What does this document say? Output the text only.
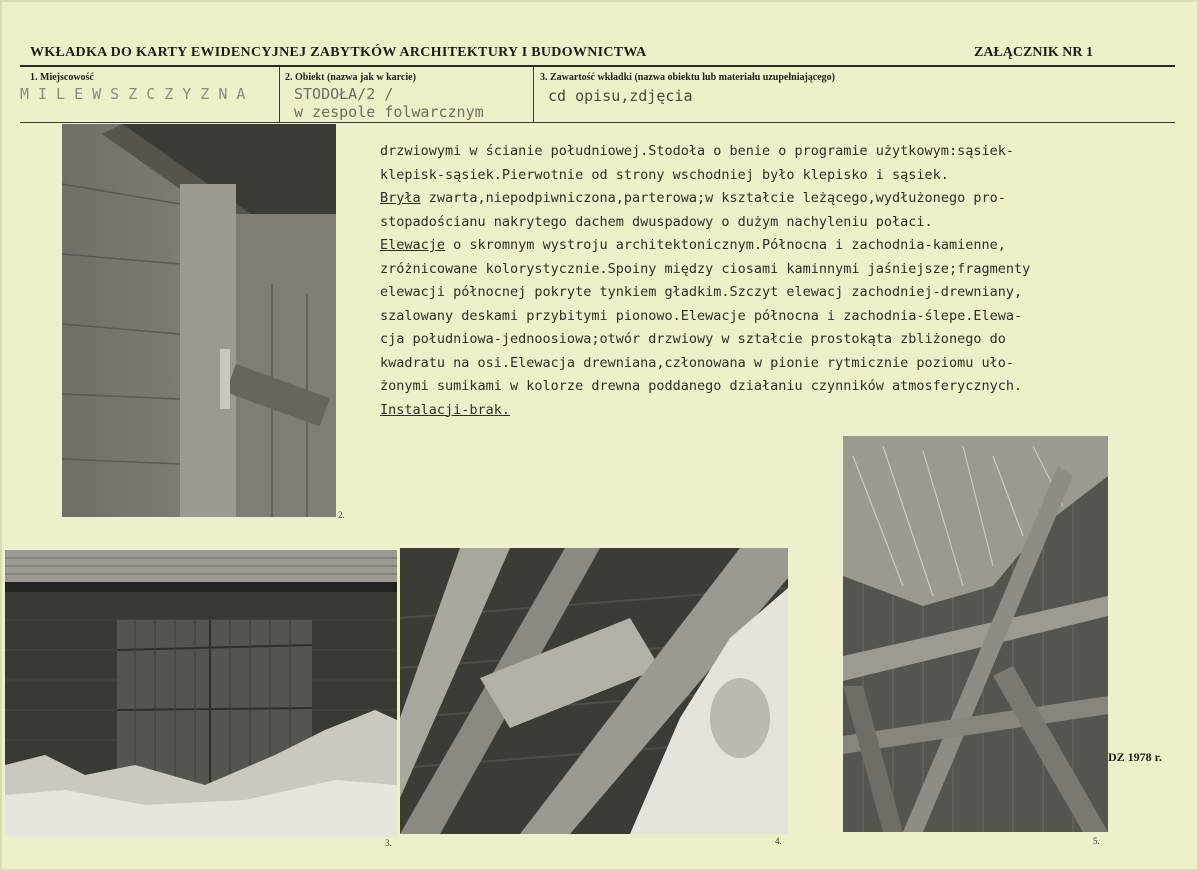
WKŁADKA DO KARTY EWIDENCYJNEJ ZABYTKÓW ARCHITEKTURY I BUDOWNICTWA	ZAŁĄCZNIK NR 1
1. Miejscowość
MILEWSZCZYZNA
2. Obiekt (nazwa jak w karcie)
STODOŁA/2 /
w zespole folwarcznym
3. Zawartość wkładki (nazwa obiektu lub materiału uzupełniającego)
cd opisu,zdjęcia
2.
3.	4.	5.
DZ 1978 r.
drzwiowymi w ścianie południowej.Stodoła o benie o programie użytkowym:sąsiek-
klepisk-sąsiek.Pierwotnie od strony wschodniej było klepisko i sąsiek.
Bryła zwarta,niepodpiwniczona,parterowa;w kształcie leżącego,wydłużonego pro-
stopadościanu nakrytego dachem dwuspadowy o dużym nachyleniu połaci.
Elewacje o skromnym wystroju architektonicznym.Północna i zachodnia-kamienne,
zróżnicowane kolorystycznie.Spoiny między ciosami kaminnymi jaśniejsze;fragmenty
elewacji północnej pokryte tynkiem gładkim.Szczyt elewacj zachodniej-drewniany,
szalowany deskami przybitymi pionowo.Elewacje północna i zachodnia-ślepe.Elewa-
cja południowa-jednoosiowa;otwór drzwiowy w ształcie prostokąta zbliżonego do
kwadratu na osi.Elewacja drewniana,członowana w pionie rytmicznie poziomu uło-
żonymi sumikami w kolorze drewna poddanego działaniu czynników atmosferycznych.
Instalacji-brak.
